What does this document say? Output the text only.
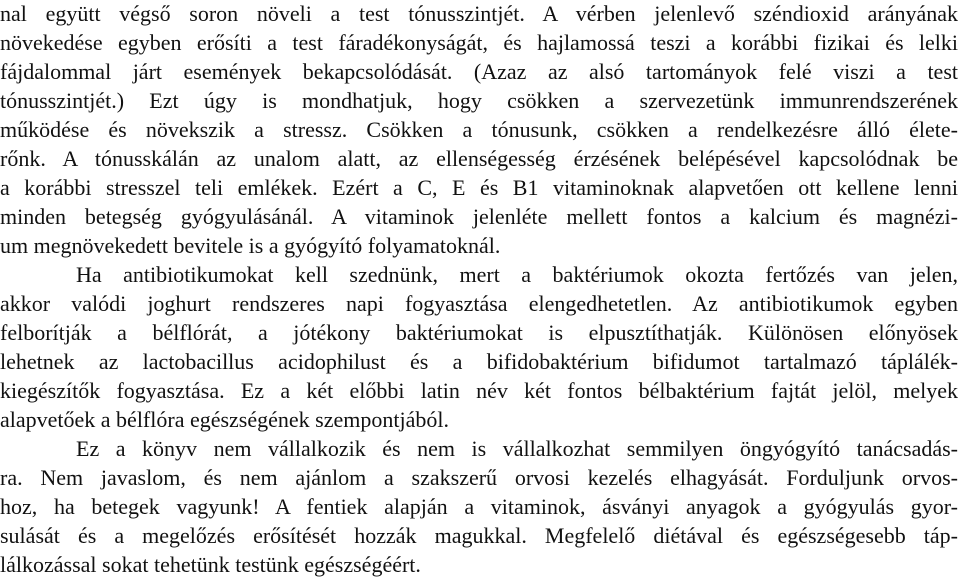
nal együtt végső soron növeli a test tónusszintjét. A vérben jelenlevő széndioxid arányának
növekedése egyben erősíti a test fáradékonyságát, és hajlamossá teszi a korábbi fizikai és lelki
fájdalommal járt események bekapcsolódását. (Azaz az alsó tartományok felé viszi a test
tónusszintjét.) Ezt úgy is mondhatjuk, hogy csökken a szervezetünk immunrendszerének
működése és növekszik a stressz. Csökken a tónusunk, csökken a rendelkezésre álló élete-
rőnk. A tónusskálán az unalom alatt, az ellenségesség érzésének belépésével kapcsolódnak be
a korábbi stresszel teli emlékek. Ezért a C, E és B1 vitaminoknak alapvetően ott kellene lenni
minden betegség gyógyulásánál. A vitaminok jelenléte mellett fontos a kalcium és magnézi-
um megnövekedett bevitele is a gyógyító folyamatoknál.
Ha antibiotikumokat kell szednünk, mert a baktériumok okozta fertőzés van jelen,
akkor valódi joghurt rendszeres napi fogyasztása elengedhetetlen. Az antibiotikumok egyben
felborítják a bélflórát, a jótékony baktériumokat is elpusztíthatják. Különösen előnyösek
lehetnek az lactobacillus acidophilust és a bifidobaktérium bifidumot tartalmazó táplálék-
kiegészítők fogyasztása. Ez a két előbbi latin név két fontos bélbaktérium fajtát jelöl, melyek
alapvetőek a bélflóra egészségének szempontjából.
Ez a könyv nem vállalkozik és nem is vállalkozhat semmilyen öngyógyító tanácsadás-
ra. Nem javaslom, és nem ajánlom a szakszerű orvosi kezelés elhagyását. Forduljunk orvos-
hoz, ha betegek vagyunk! A fentiek alapján a vitaminok, ásványi anyagok a gyógyulás gyor-
sulását és a megelőzés erősítését hozzák magukkal. Megfelelő diétával és egészségesebb táp-
lálkozással sokat tehetünk testünk egészségéért.
